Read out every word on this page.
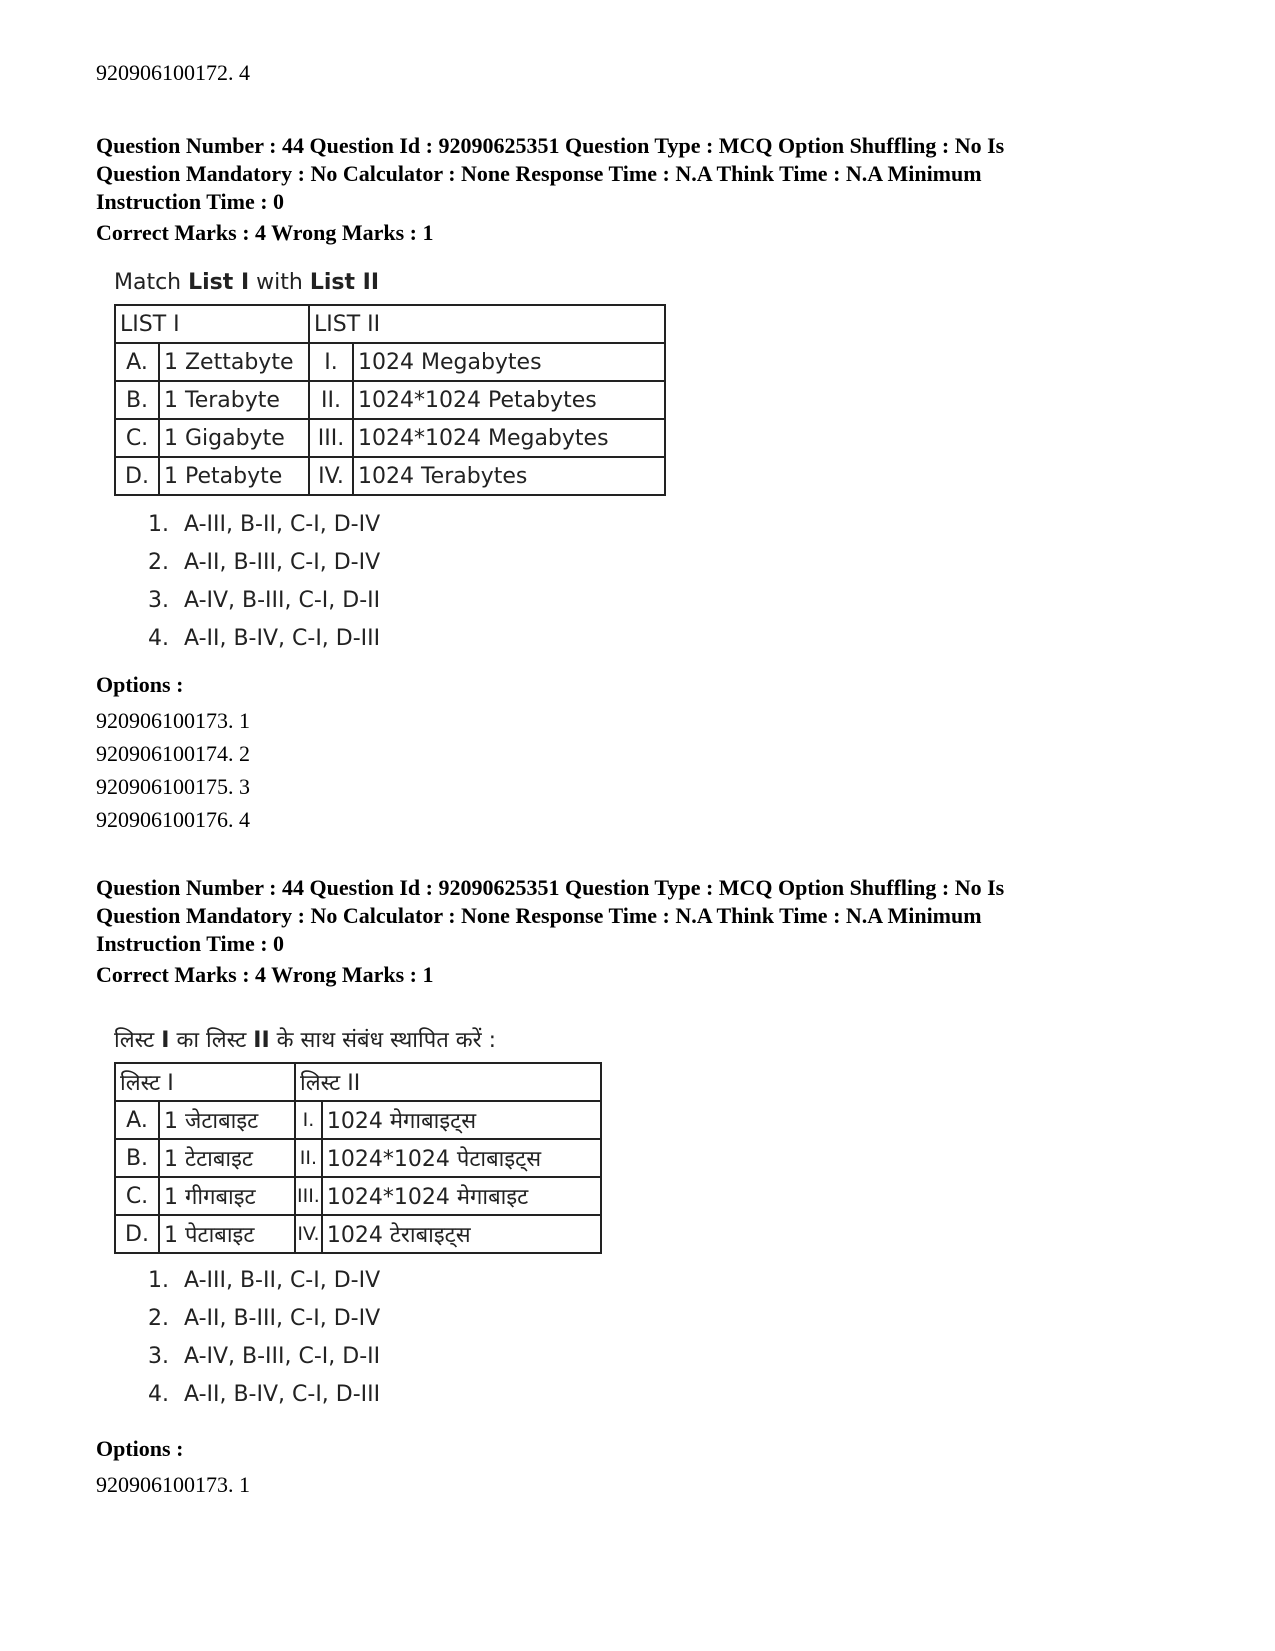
920906100172. 4
Question Number : 44 Question Id : 92090625351 Question Type : MCQ Option Shuffling : No Is
Question Mandatory : No Calculator : None Response Time : N.A Think Time : N.A Minimum
Instruction Time : 0
Correct Marks : 4 Wrong Marks : 1
Match List I with List II
LIST I		LIST II	
A.	1 Zettabyte	I.	1024 Megabytes
B.	1 Terabyte	II.	1024*1024 Petabytes
C.	1 Gigabyte	III.	1024*1024 Megabytes
D.	1 Petabyte	IV.	1024 Terabytes
1. A-III, B-II, C-I, D-IV
2. A-II, B-III, C-I, D-IV
3. A-IV, B-III, C-I, D-II
4. A-II, B-IV, C-I, D-III
Options :
920906100173. 1
920906100174. 2
920906100175. 3
920906100176. 4
Question Number : 44 Question Id : 92090625351 Question Type : MCQ Option Shuffling : No Is
Question Mandatory : No Calculator : None Response Time : N.A Think Time : N.A Minimum
Instruction Time : 0
Correct Marks : 4 Wrong Marks : 1
लिस्ट I का लिस्ट II के साथ संबंध स्थापित करें :
लिस्ट I		लिस्ट II	
A.	1 जेटाबाइट	I.	1024 मेगाबाइट्स
B.	1 टेटाबाइट	II.	1024*1024 पेटाबाइट्स
C.	1 गीगबाइट	III.	1024*1024 मेगाबाइट
D.	1 पेटाबाइट	IV.	1024 टेराबाइट्स
1. A-III, B-II, C-I, D-IV
2. A-II, B-III, C-I, D-IV
3. A-IV, B-III, C-I, D-II
4. A-II, B-IV, C-I, D-III
Options :
920906100173. 1
